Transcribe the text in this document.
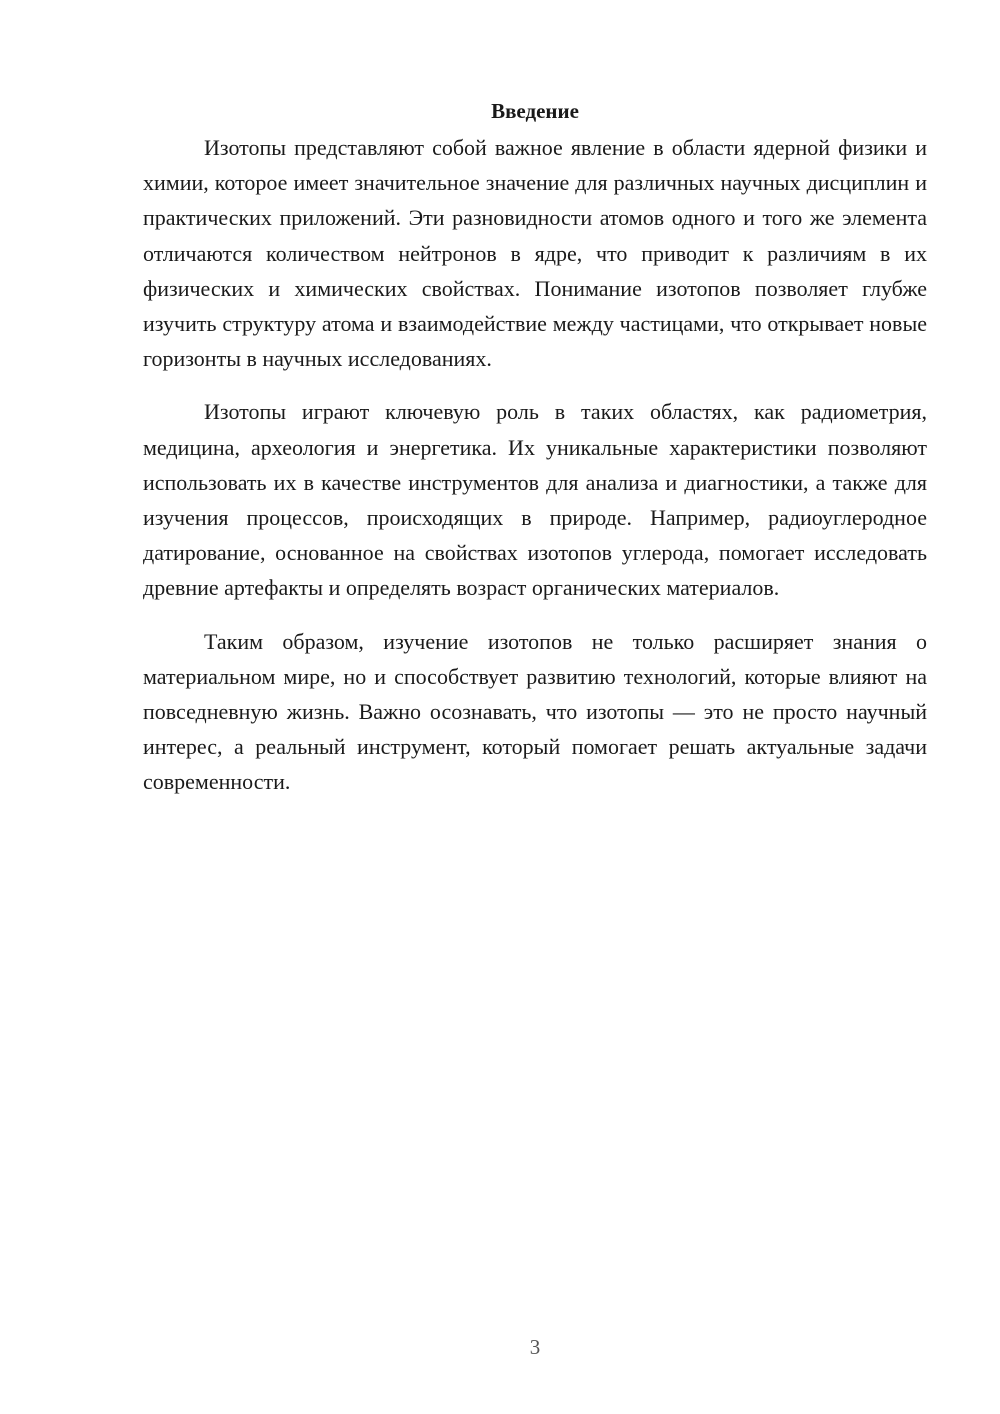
Введение

Изотопы представляют собой важное явление в области ядерной физики и химии, которое имеет значительное значение для различных научных дисциплин и практических приложений. Эти разновидности атомов одного и того же элемента отличаются количеством нейтронов в ядре, что приводит к различиям в их физических и химических свойствах. Понимание изотопов позволяет глубже изучить структуру атома и взаимодействие между частицами, что открывает новые горизонты в научных исследованиях.

Изотопы играют ключевую роль в таких областях, как радиометрия, медицина, археология и энергетика. Их уникальные характеристики позволяют использовать их в качестве инструментов для анализа и диагностики, а также для изучения процессов, происходящих в природе. Например, радиоуглеродное датирование, основанное на свойствах изотопов углерода, помогает исследовать древние артефакты и определять возраст органических материалов.

Таким образом, изучение изотопов не только расширяет знания о материальном мире, но и способствует развитию технологий, которые влияют на повседневную жизнь. Важно осознавать, что изотопы — это не просто научный интерес, а реальный инструмент, который помогает решать актуальные задачи современности.

3
